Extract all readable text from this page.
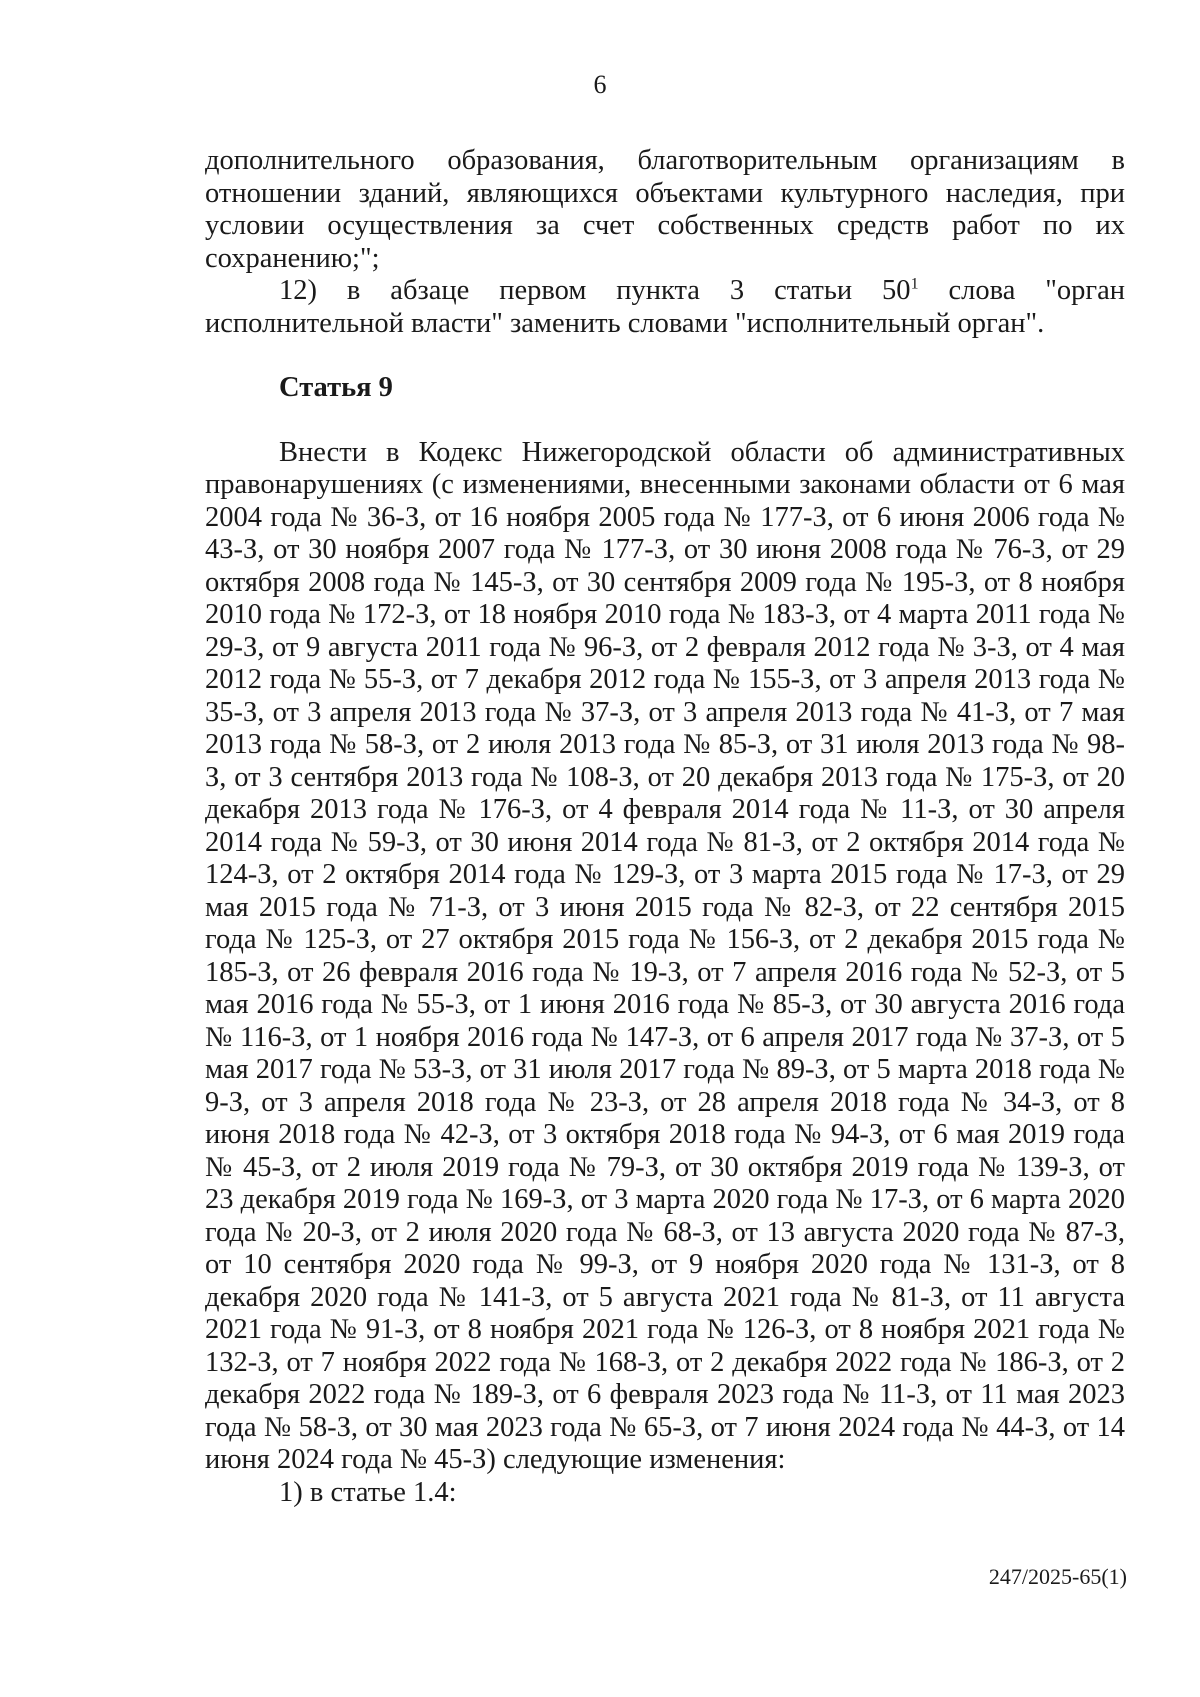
6

дополнительного образования, благотворительным организациям в отношении зданий, являющихся объектами культурного наследия, при условии осуществления за счет собственных средств работ по их сохранению;";

12) в абзаце первом пункта 3 статьи $50^1$ слова "орган исполнительной власти" заменить словами "исполнительный орган".

Статья 9

Внести в Кодекс Нижегородской области об административных правонарушениях (с изменениями, внесенными законами области от 6 мая 2004 года № 36-З, от 16 ноября 2005 года № 177-З, от 6 июня 2006 года № 43-З, от 30 ноября 2007 года № 177-З, от 30 июня 2008 года № 76-З, от 29 октября 2008 года № 145-З, от 30 сентября 2009 года № 195-З, от 8 ноября 2010 года № 172-З, от 18 ноября 2010 года № 183-З, от 4 марта 2011 года № 29-З, от 9 августа 2011 года № 96-З, от 2 февраля 2012 года № 3-З, от 4 мая 2012 года № 55-З, от 7 декабря 2012 года № 155-З, от 3 апреля 2013 года № 35-З, от 3 апреля 2013 года № 37-З, от 3 апреля 2013 года № 41-З, от 7 мая 2013 года № 58-З, от 2 июля 2013 года № 85-З, от 31 июля 2013 года № 98-З, от 3 сентября 2013 года № 108-З, от 20 декабря 2013 года № 175-З, от 20 декабря 2013 года № 176-З, от 4 февраля 2014 года № 11-З, от 30 апреля 2014 года № 59-З, от 30 июня 2014 года № 81-З, от 2 октября 2014 года № 124-З, от 2 октября 2014 года № 129-З, от 3 марта 2015 года № 17-З, от 29 мая 2015 года № 71-З, от 3 июня 2015 года № 82-З, от 22 сентября 2015 года № 125-З, от 27 октября 2015 года № 156-З, от 2 декабря 2015 года № 185-З, от 26 февраля 2016 года № 19-З, от 7 апреля 2016 года № 52-З, от 5 мая 2016 года № 55-З, от 1 июня 2016 года № 85-З, от 30 августа 2016 года № 116-З, от 1 ноября 2016 года № 147-З, от 6 апреля 2017 года № 37-З, от 5 мая 2017 года № 53-З, от 31 июля 2017 года № 89-З, от 5 марта 2018 года № 9-З, от 3 апреля 2018 года № 23-З, от 28 апреля 2018 года № 34-З, от 8 июня 2018 года № 42-З, от 3 октября 2018 года № 94-З, от 6 мая 2019 года № 45-З, от 2 июля 2019 года № 79-З, от 30 октября 2019 года № 139-З, от 23 декабря 2019 года № 169-З, от 3 марта 2020 года № 17-З, от 6 марта 2020 года № 20-З, от 2 июля 2020 года № 68-З, от 13 августа 2020 года № 87-З, от 10 сентября 2020 года № 99-З, от 9 ноября 2020 года № 131-З, от 8 декабря 2020 года № 141-З, от 5 августа 2021 года № 81-З, от 11 августа 2021 года № 91-З, от 8 ноября 2021 года № 126-З, от 8 ноября 2021 года № 132-З, от 7 ноября 2022 года № 168-З, от 2 декабря 2022 года № 186-З, от 2 декабря 2022 года № 189-З, от 6 февраля 2023 года № 11-З, от 11 мая 2023 года № 58-З, от 30 мая 2023 года № 65-З, от 7 июня 2024 года № 44-З, от 14 июня 2024 года № 45-З) следующие изменения:

1) в статье 1.4:

247/2025-65(1)
